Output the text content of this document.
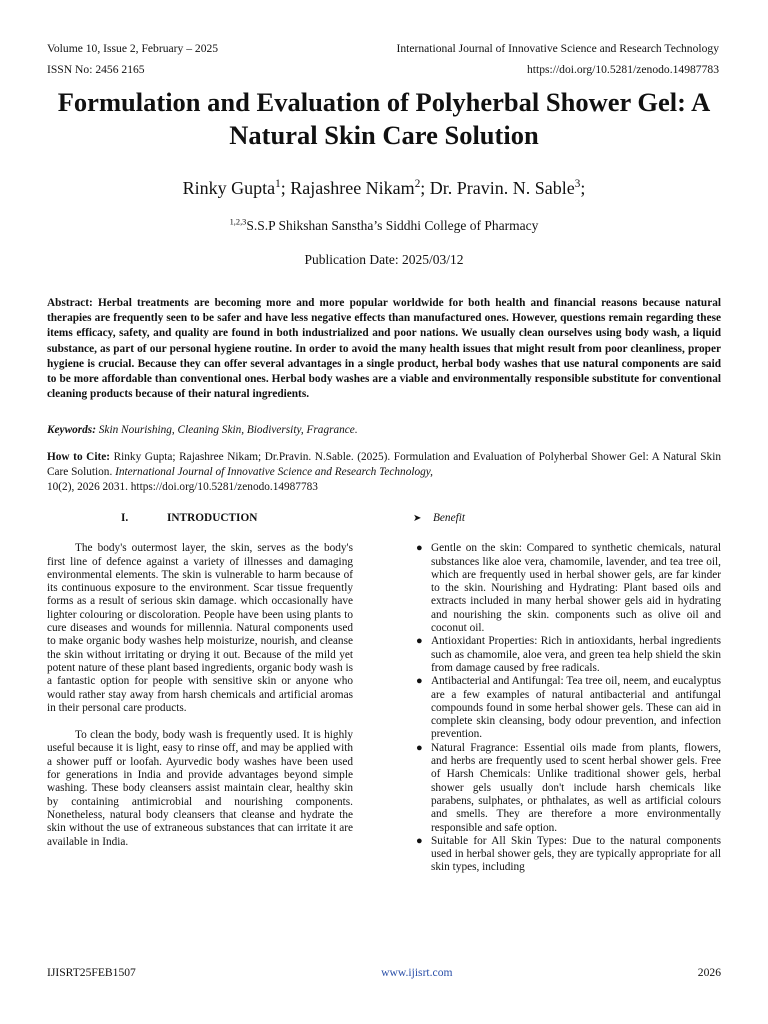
Volume 10, Issue 2, February – 2025	International Journal of Innovative Science and Research Technology
ISSN No: 2456 2165	https://doi.org/10.5281/zenodo.14987783
Formulation and Evaluation of Polyherbal Shower Gel: A Natural Skin Care Solution
Rinky Gupta$^1$; Rajashree Nikam$^2$; Dr. Pravin. N. Sable$^3$;
$^{1,2,3}$S.S.P Shikshan Sanstha’s Siddhi College of Pharmacy
Publication Date: 2025/03/12
Abstract: Herbal treatments are becoming more and more popular worldwide for both health and financial reasons because natural therapies are frequently seen to be safer and have less negative effects than manufactured ones. However, questions remain regarding these items efficacy, safety, and quality are found in both industrialized and poor nations. We usually clean ourselves using body wash, a liquid substance, as part of our personal hygiene routine. In order to avoid the many health issues that might result from poor cleanliness, proper hygiene is crucial. Because they can offer several advantages in a single product, herbal body washes that use natural components are said to be more affordable than conventional ones. Herbal body washes are a viable and environmentally responsible substitute for conventional cleaning products because of their natural ingredients.
Keywords: Skin Nourishing, Cleaning Skin, Biodiversity, Fragrance.
How to Cite: Rinky Gupta; Rajashree Nikam; Dr.Pravin. N.Sable. (2025). Formulation and Evaluation of Polyherbal Shower Gel: A Natural Skin Care Solution. International Journal of Innovative Science and Research Technology,
10(2), 2026 2031. https://doi.org/10.5281/zenodo.14987783
I.	INTRODUCTION

The body's outermost layer, the skin, serves as the body's first line of defence against a variety of illnesses and damaging environmental elements. The skin is vulnerable to harm because of its continuous exposure to the environment. Scar tissue frequently forms as a result of serious skin damage. which occasionally have lighter colouring or discoloration. People have been using plants to cure diseases and wounds for millennia. Natural components used to make organic body washes help moisturize, nourish, and cleanse the skin without irritating or drying it out. Because of the mild yet potent nature of these plant based ingredients, organic body wash is a fantastic option for people with sensitive skin or anyone who would rather stay away from harsh chemicals and artificial aromas in their personal care products.

To clean the body, body wash is frequently used. It is highly useful because it is light, easy to rinse off, and may be applied with a shower puff or loofah. Ayurvedic body washes have been used for generations in India and provide advantages beyond simple washing. These body cleansers assist maintain clear, healthy skin by containing antimicrobial and nourishing components. Nonetheless, natural body cleansers that cleanse and hydrate the skin without the use of extraneous substances that can irritate it are available in India.

➤	Benefit
● Gentle on the skin: Compared to synthetic chemicals, natural substances like aloe vera, chamomile, lavender, and tea tree oil, which are frequently used in herbal shower gels, are far kinder to the skin. Nourishing and Hydrating: Plant based oils and extracts included in many herbal shower gels aid in hydrating and nourishing the skin. components such as olive oil and coconut oil.
● Antioxidant Properties: Rich in antioxidants, herbal ingredients such as chamomile, aloe vera, and green tea help shield the skin from damage caused by free radicals.
● Antibacterial and Antifungal: Tea tree oil, neem, and eucalyptus are a few examples of natural antibacterial and antifungal compounds found in some herbal shower gels. These can aid in complete skin cleansing, body odour prevention, and infection prevention.
● Natural Fragrance: Essential oils made from plants, flowers, and herbs are frequently used to scent herbal shower gels. Free of Harsh Chemicals: Unlike traditional shower gels, herbal shower gels usually don't include harsh chemicals like parabens, sulphates, or phthalates, as well as artificial colours and smells. They are therefore a more environmentally responsible and safe option.
● Suitable for All Skin Types: Due to the natural components used in herbal shower gels, they are typically appropriate for all skin types, including
IJISRT25FEB1507	www.ijisrt.com	2026
